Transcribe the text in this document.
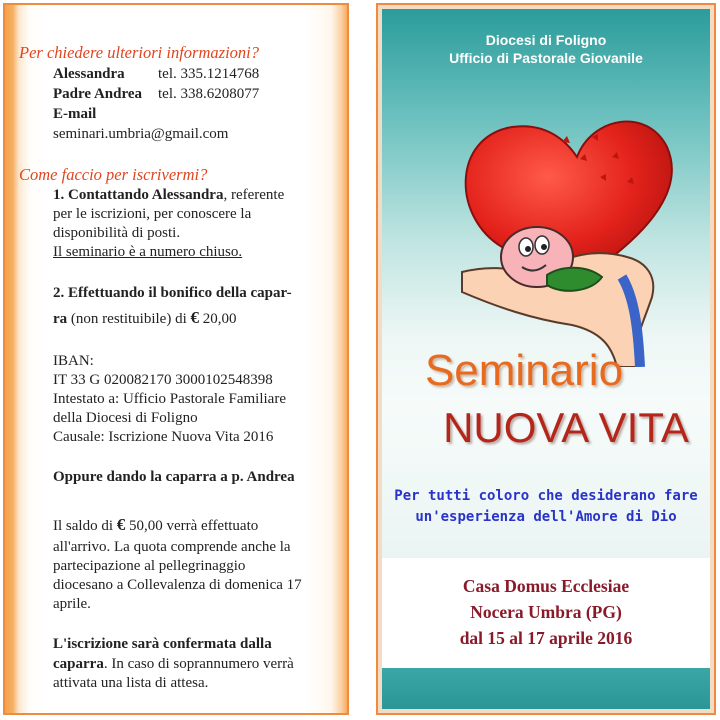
Per chiedere ulteriori informazioni?
Alessandra tel. 335.1214768
Padre Andrea tel. 338.6208077
E-mail
seminari.umbria@gmail.com
Come faccio per iscrivermi?
1. Contattando Alessandra, referente
per le iscrizioni, per conoscere la
disponibilità di posti.
Il seminario è a numero chiuso.
2. Effettuando il bonifico della capar-
ra (non restituibile) di € 20,00
IBAN:
IT 33 G 020082170 3000102548398
Intestato a: Ufficio Pastorale Familiare
della Diocesi di Foligno
Causale: Iscrizione Nuova Vita 2016
Oppure dando la caparra a p. Andrea
Il saldo di € 50,00 verrà effettuato
all'arrivo. La quota comprende anche la
partecipazione al pellegrinaggio
diocesano a Collevalenza di domenica 17
aprile.
L'iscrizione sarà confermata dalla
caparra. In caso di soprannumero verrà
attivata una lista di attesa.
Diocesi di Foligno
Ufficio di Pastorale Giovanile
Seminario
NUOVA VITA
Per tutti coloro che desiderano fare
un'esperienza dell'Amore di Dio
Casa Domus Ecclesiae
Nocera Umbra (PG)
dal 15 al 17 aprile 2016
